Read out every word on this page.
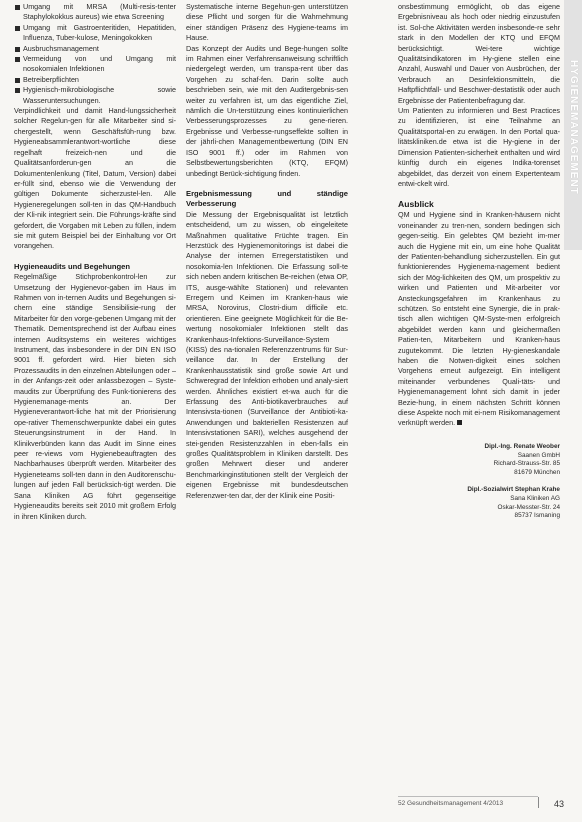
Umgang mit MRSA (Multi-resis-tenter Staphylokokkus aureus) wie etwa Screening
Umgang mit Gastroenteritiden, Hepatitiden, Influenza, Tuber-kulose, Meningokokken
Ausbruchsmanagement
Vermeidung von und Umgang mit nosokomialen Infektionen
Betreiberpflichten
Hygienisch-mikrobiologische sowie Wasseruntersuchungen.

Verpindlichkeit und damit Hand-lungssicherheit solcher Regelun-gen für alle Mitarbeiter sind si-chergestellt, wenn Geschäftsfüh-rung bzw. Hygieneabsammlerantwort-wortliche diese regelhaft freizeich-nen und die Qualitätsanforderun-gen an die Dokumentenlenkung (Titel, Datum, Version) dabei er-füllt sind, ebenso wie die Verwendung der gültigen Dokumente sicherzustel-len. Alle Hygieneregelungen soll-ten in das QM-Handbuch der Kli-nik integriert sein. Die Führungs-kräfte sind gefordert, die Vorgaben mit Leben zu füllen, indem sie mit gutem Beispiel bei der Einhaltung vor Ort vorangehen.

Hygieneaudits und Begehungen

Regelmäßige Stichprobenkontrol-len zur Umsetzung der Hygienevor-gaben im Haus im Rahmen von in-ternen Audits und Begehungen si-chern eine ständige Sensibilisie-rung der Mitarbeiter für den vorge-gebenen Umgang mit der Thematik. Dementsprechend ist der Aufbau eines internen Auditsystems ein weiteres wichtiges Instrument, das insbesondere in der DIN EN ISO 9001 ff. gefordert wird. Hier bieten sich Prozessaudits in den einzelnen Abteilungen oder – in der Anfangs-zeit oder anlassbezogen – Syste-maudits zur Überprüfung des Funk-tionierens des Hygienemanage-ments an. Der Hygieneverantwort-liche hat mit der Priorisierung ope-rativer Themenschwerpunkte dabei ein gutes Steuerungsinstrument in der Hand. In Klinikverbünden kann das Audit im Sinne eines peer re-views vom Hygienebeauftragten des Nachbarhauses überprüft werden. Mitarbeiter des Hygieneteams soll-ten dann in den Auditorenschu-lungen auf jeden Fall berücksich-tigt werden. Die Sana Kliniken AG führt gegenseitige Hygieneaudits bereits seit 2010 mit großem Erfolg in ihren Kliniken durch.

Systematische interne Begehun-gen unterstützen diese Pflicht und sorgen für die Wahrnehmung einer ständigen Präsenz des Hygiene-teams im Hause.

Das Konzept der Audits und Bege-hungen sollte im Rahmen einer Verfahrensanweisung schriftlich niedergelegt werden, um transpa-rent über das Vorgehen zu schaf-fen. Darin sollte auch beschrieben sein, wie mit den Auditergebnis-sen weiter zu verfahren ist, um das eigentliche Ziel, nämlich die Un-terstützung eines kontinuierlichen Verbesserungsprozesses zu gene-rieren. Ergebnisse und Verbesse-rungseffekte sollten in der jährli-chen Managementbewertung (DIN EN ISO 9001 ff.) oder im Rahmen von Selbstbewertungsberichten (KTQ, EFQM) unbedingt Berück-sichtigung finden.

Ergebnismessung und ständige Verbesserung

Die Messung der Ergebnisqualität ist letztlich entscheidend, um zu wissen, ob eingeleitete Maßnahmen qualitative Früchte tragen. Ein Herzstück des Hygienemonitorings ist dabei die Analyse der internen Erregerstatistiken und nosokomia-len Infektionen. Die Erfassung soll-te sich neben andern kritischen Be-reichen (etwa OP, ITS, ausge-wählte Stationen) und relevanten Erregern und Keimen im Kranken-haus wie MRSA, Norovirus, Clostri-dium difficile etc. orientieren. Eine geeignete Möglichkeit für die Be-wertung nosokomialer Infektionen stellt das Krankenhaus-Infektions-Surveillance-System (KISS) des na-tionalen Referenzzentrums für Sur-veillance dar. In der Erstellung der Krankenhausstatistik sind große sowie Art und Schweregrad der Infektion erhoben und analy-siert werden. Ähnliches existiert et-wa auch für die Erfassung des Anti-biotikaverbrauches auf Intensivsta-tionen (Surveillance der Antibioti-ka-Anwendungen und bakteriellen Resistenzen auf Intensivstationen SARI), welches ausgehend der stei-genden Resistenzzahlen in eben-falls ein großes Qualitätsproblem in Kliniken darstellt. Des großen Mehrwert dieser und anderer Benchmarkinginstitutionen stellt der Vergleich der eigenen Ergebnisse mit bundesdeutschen Referenzwer-ten dar, der der Klinik eine Positi-

onsbestimmung ermöglicht, ob das eigene Ergebnisniveau als hoch oder niedrig einzustufen ist. Sol-che Aktivitäten werden insbesonde-re sehr stark in den Modellen der KTQ und EFQM berücksichtigt. Wei-tere wichtige Qualitätsindikatoren im Hy-giene stellen eine Anzahl, Auswahl und Dauer von Ausbrüchen, der Verbrauch an Desinfektionsmitteln, die Haftpflichtfall- und Beschwer-destatistik oder auch Ergebnisse der Patientenbefragung dar.

Um Patienten zu informieren und Best Practices zu identifizieren, ist eine Teilnahme an Qualitätsportal-en zu erwägen. In den Portal qua-litätskliniken.de etwa ist die Hy-giene in der Dimension Patienten-sicherheit enthalten und wird künftig durch ein eigenes Indika-torenset abgebildet, das derzeit von einem Expertenteam entwi-ckelt wird.

Ausblick

QM und Hygiene sind in Kranken-häusern nicht voneinander zu tren-nen, sondern bedingen sich gegen-seitig. Ein gelebtes QM bezieht im-mer auch die Hygiene mit ein, um eine hohe Qualität der Patienten-behandlung sicherzustellen. Ein gut funktionierendes Hygienema-nagement bedient sich der Mög-lichkeiten des QM, um prospektiv zu wirken und Patienten und Mit-arbeiter vor Ansteckungsgefahren im Krankenhaus zu schützen. So entsteht eine Synergie, die in prak-tisch allen wichtigen QM-Syste-men erfolgreich abgebildet werden kann und gleichermaßen Patien-ten, Mitarbeitern und Kranken-haus zugutekommt. Die letzten Hy-gieneskandale haben die Notwen-digkeit eines solchen Vorgehens erneut aufgezeigt. Ein intelligent miteinander verbundenes Quali-täts- und Hygienemanagement lohnt sich damit in jeder Bezie-hung, in einem nächsten Schritt können diese Aspekte noch mit ei-nem Risikomanagement verknüpft werden.

Dipl.-Ing. Renate Weober
Saanen GmbH
Richard-Strauss-Str. 85
81679 München
Dipl.-Sozialwirt Stephan Krahe
Sana Kliniken AG
Oskar-Messter-Str. 24
85737 Ismaning
HYGIENEMANAGEMENT
52 Gesundheitsmanagement 4/2013	43
